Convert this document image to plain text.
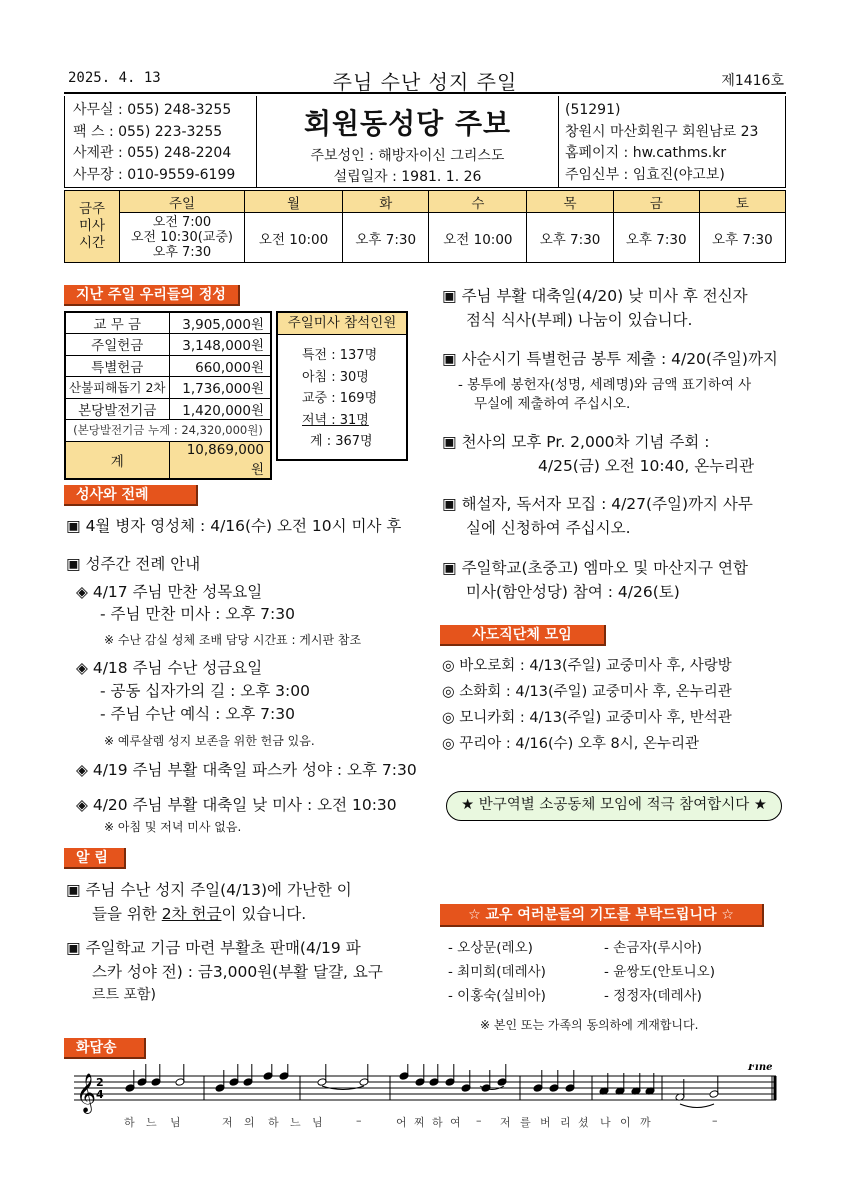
2025. 4. 13	주님 수난 성지 주일	제1416호
사무실 : 055) 248-3255
팩 스 : 055) 223-3255
사제관 : 055) 248-2204
사무장 : 010-9559-6199
회원동성당 주보
주보성인 : 해방자이신 그리스도
설립일자 : 1981. 1. 26
(51291)
창원시 마산회원구 회원남로 23
홈페이지 : hw.cathms.kr
주임신부 : 임효진(야고보)
금주
미사
시간	주일	월	화	수	목	금	토

	오전 7:00
오전 10:30(교중)
오후 7:30	오전 10:00	오후 7:30	오전 10:00	오후 7:30	오후 7:30	오후 7:30
지난 주일 우리들의 정성
교 무 금	3,905,000원
주일헌금	3,148,000원
특별헌금	660,000원
산불피해돕기 2차	1,736,000원
본당발전기금	1,420,000원
(본당발전기금 누계 : 24,320,000원)	
계	10,869,000원
주일미사 참석인원
특전 : 137명
아침 : 30명
교중 : 169명
저녁 : 31명
계 : 367명
성사와 전례
▣ 4월 병자 영성체 : 4/16(수) 오전 10시 미사 후
▣ 성주간 전례 안내
◈ 4/17 주님 만찬 성목요일
- 주님 만찬 미사 : 오후 7:30
※ 수난 감실 성체 조배 담당 시간표 : 게시판 참조
◈ 4/18 주님 수난 성금요일
- 공동 십자가의 길 : 오후 3:00
- 주님 수난 예식 : 오후 7:30
※ 예루살렘 성지 보존을 위한 헌금 있음.
◈ 4/19 주님 부활 대축일 파스카 성야 : 오후 7:30
◈ 4/20 주님 부활 대축일 낮 미사 : 오전 10:30
※ 아침 및 저녁 미사 없음.
알 림
▣ 주님 수난 성지 주일(4/13)에 가난한 이
들을 위한 2차 헌금이 있습니다.
▣ 주일학교 기금 마련 부활초 판매(4/19 파
스카 성야 전) : 금3,000원(부활 달걀, 요구
르트 포함)
▣ 주님 부활 대축일(4/20) 낮 미사 후 전신자
점식 식사(부페) 나눔이 있습니다.
▣ 사순시기 특별헌금 봉투 제출 : 4/20(주일)까지
- 봉투에 봉헌자(성명, 세례명)와 금액 표기하여 사
무실에 제출하여 주십시오.
▣ 천사의 모후 Pr. 2,000차 기념 주회 :
4/25(금) 오전 10:40, 온누리관
▣ 해설자, 독서자 모집 : 4/27(주일)까지 사무
실에 신청하여 주십시오.
▣ 주일학교(초중고) 엠마오 및 마산지구 연합
미사(함안성당) 참여 : 4/26(토)
사도직단체 모임
◎ 바오로회 : 4/13(주일) 교중미사 후, 사랑방
◎ 소화회 : 4/13(주일) 교중미사 후, 온누리관
◎ 모니카회 : 4/13(주일) 교중미사 후, 반석관
◎ 꾸리아 : 4/16(수) 오후 8시, 온누리관
★ 반구역별 소공동체 모임에 적극 참여합시다 ★
☆ 교우 여러분들의 기도를 부탁드립니다 ☆
- 오상문(레오)
- 최미희(데레사)
- 이홍숙(실비아)
- 손금자(루시아)
- 윤쌍도(안토니오)
- 정정자(데레사)
※ 본인 또는 가족의 동의하에 게재합니다.
화답송
𝄞 2
4
Fine
하 느 님	저 의 하 느 님	–	어 찌 하 여 – 저 를 버 리 셨 나 이 까	–
